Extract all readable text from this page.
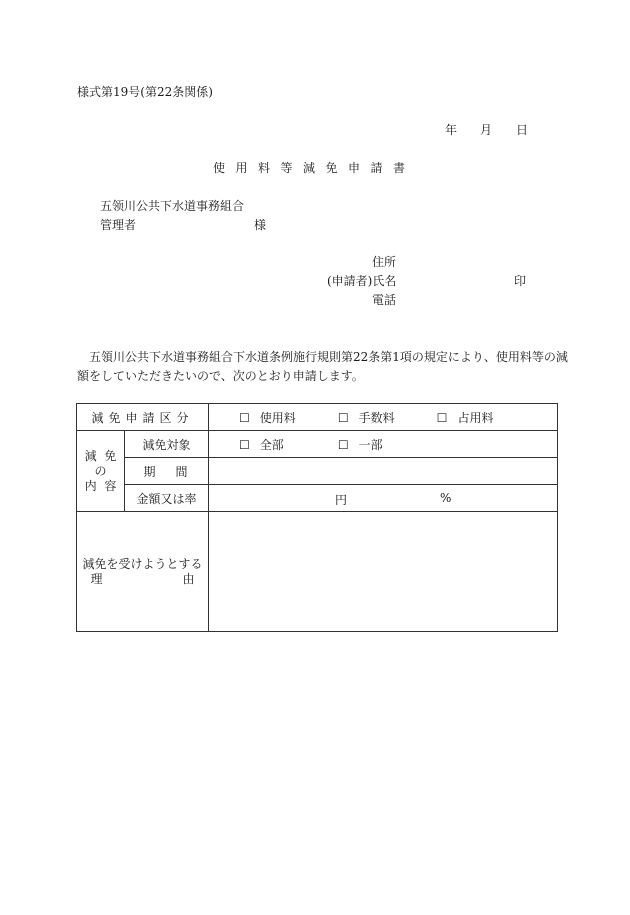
様式第19号(第22条関係)
年 月 日
使用料等減免申請書
五领川公共下水道事務組合
管理者	様
住所
(申請者)氏名	印
電話
五領川公共下水道事務組合下水道条例施行規則第22条第1項の規定により、使用料等の減
額をしていただきたいので、次のとおり申請します。
減免申請区分		☐ 使用料 ☐ 手数料 ☐ 占用料

減 免
の
内 容	減免対象	☐ 全部 ☐ 一部
	期間	
	金額又は率	円 %

減免を受けようとする
理 由		
